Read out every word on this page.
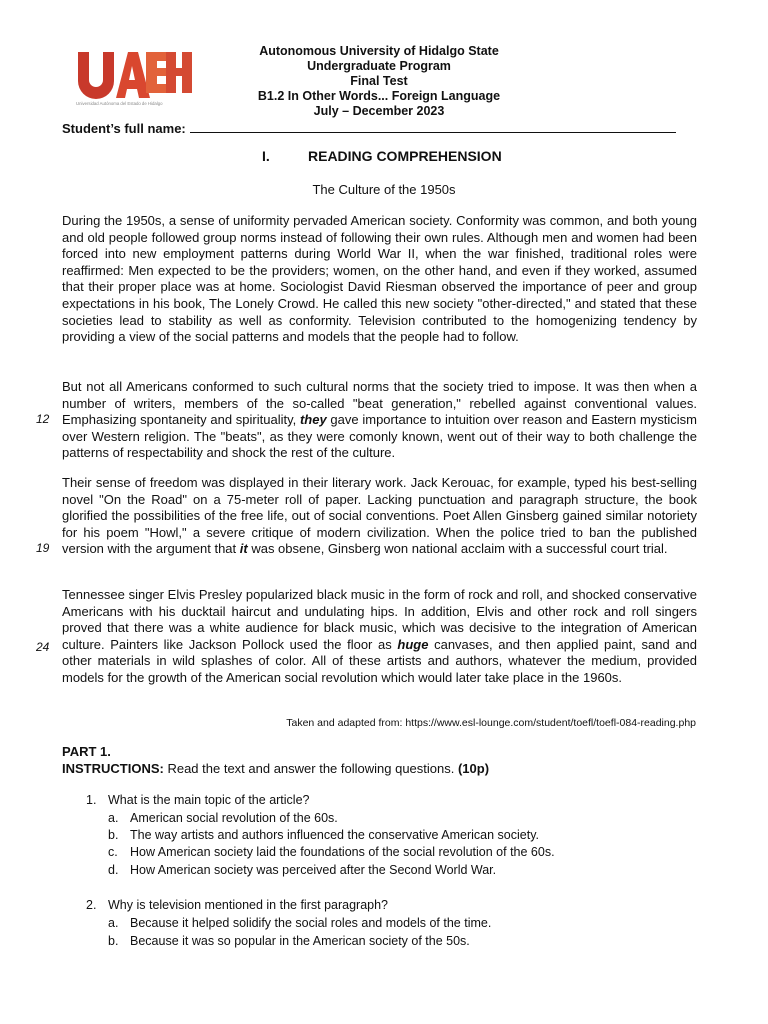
Universidad Autónoma del Estado de Hidalgo
Autonomous University of Hidalgo State
Undergraduate Program
Final Test
B1.2 In Other Words... Foreign Language
July – December 2023
Student’s full name:
I.	READING COMPREHENSION
The Culture of the 1950s

During the 1950s, a sense of uniformity pervaded American society. Conformity was common, and both young and old people followed group norms instead of following their own rules. Although men and women had been forced into new employment patterns during World War II, when the war finished, traditional roles were reaffirmed: Men expected to be the providers; women, on the other hand, and even if they worked, assumed that their proper place was at home. Sociologist David Riesman observed the importance of peer and group expectations in his book, The Lonely Crowd. He called this new society "other-directed," and stated that these societies lead to stability as well as conformity. Television contributed to the homogenizing tendency by providing a view of the social patterns and models that the people had to follow.

But not all Americans conformed to such cultural norms that the society tried to impose. It was then when a number of writers, members of the so-called "beat generation," rebelled against conventional values. Emphasizing spontaneity and spirituality, they gave importance to intuition over reason and Eastern mysticism over Western religion. The "beats", as they were comonly known, went out of their way to both challenge the patterns of respectability and shock the rest of the culture.

Their sense of freedom was displayed in their literary work. Jack Kerouac, for example, typed his best-selling novel "On the Road" on a 75-meter roll of paper. Lacking punctuation and paragraph structure, the book glorified the possibilities of the free life, out of social conventions. Poet Allen Ginsberg gained similar notoriety for his poem "Howl," a severe critique of modern civilization. When the police tried to ban the published version with the argument that it was obsene, Ginsberg won national acclaim with a successful court trial.

Tennessee singer Elvis Presley popularized black music in the form of rock and roll, and shocked conservative Americans with his ducktail haircut and undulating hips. In addition, Elvis and other rock and roll singers proved that there was a white audience for black music, which was decisive to the integration of American culture. Painters like Jackson Pollock used the floor as huge canvases, and then applied paint, sand and other materials in wild splashes of color. All of these artists and authors, whatever the medium, provided models for the growth of the American social revolution which would later take place in the 1960s.

12
19
24
Taken and adapted from: https://www.esl-lounge.com/student/toefl/toefl-084-reading.php
PART 1.
INSTRUCTIONS: Read the text and answer the following questions. (10p)
1. What is the main topic of the article?
a. American social revolution of the 60s.
b. The way artists and authors influenced the conservative American society.
c. How American society laid the foundations of the social revolution of the 60s.
d. How American society was perceived after the Second World War.
2. Why is television mentioned in the first paragraph?
a. Because it helped solidify the social roles and models of the time.
b. Because it was so popular in the American society of the 50s.
